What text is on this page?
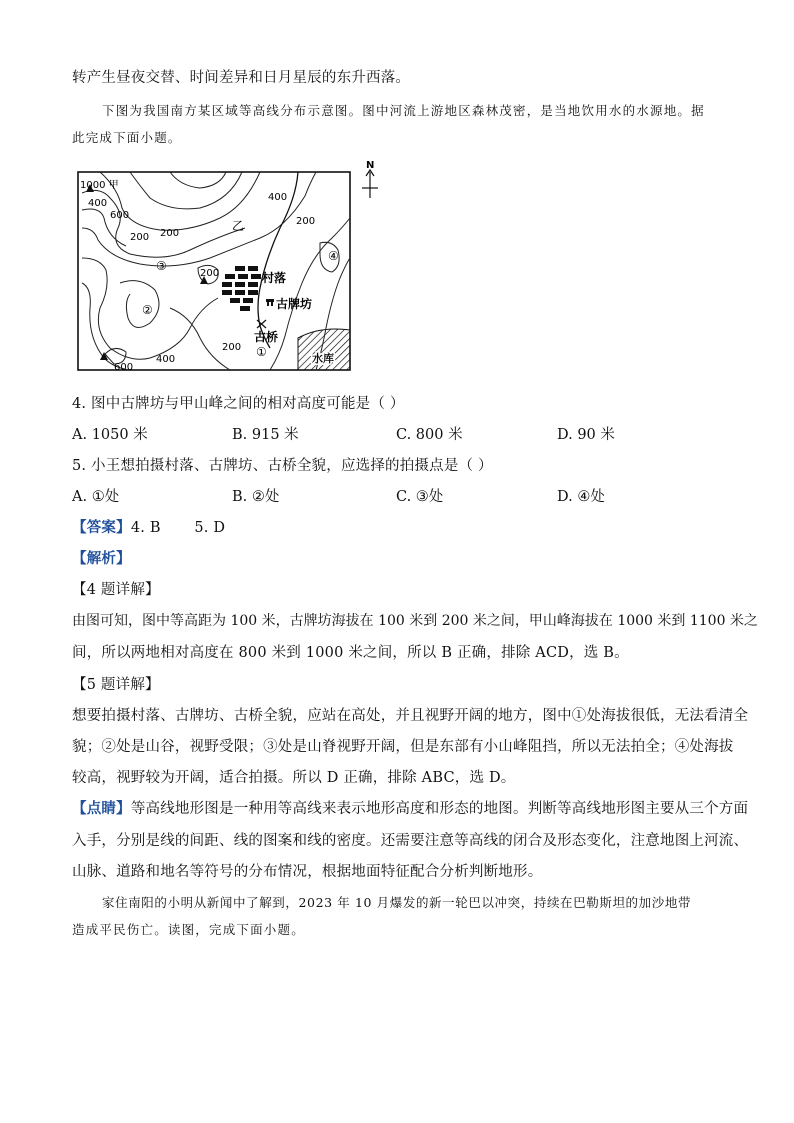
转产生昼夜交替、时间差异和日月星辰的东升西落。
下图为我国南方某区域等高线分布示意图。图中河流上游地区森林茂密，是当地饮用水的水源地。据
此完成下面小题。
N
1000 甲
400
600
200 200
400
200
乙
200	村落
古牌坊
古桥
400
200
600
水库
①
②
③
④
4. 图中古牌坊与甲山峰之间的相对高度可能是（ ）
A. 1050 米	B. 915 米	C. 800 米	D. 90 米
5. 小王想拍摄村落、古牌坊、古桥全貌，应选择的拍摄点是（ ）
A. ①处	B. ②处	C. ③处	D. ④处
【答案】4. B       5. D
【解析】
【4 题详解】
由图可知，图中等高距为 100 米，古牌坊海拔在 100 米到 200 米之间，甲山峰海拔在 1000 米到 1100 米之
间，所以两地相对高度在 800 米到 1000 米之间，所以 B 正确，排除 ACD，选 B。
【5 题详解】
想要拍摄村落、古牌坊、古桥全貌，应站在高处，并且视野开阔的地方，图中①处海拔很低，无法看清全
貌；②处是山谷，视野受限；③处是山脊视野开阔，但是东部有小山峰阻挡，所以无法拍全；④处海拔
较高，视野较为开阔，适合拍摄。所以 D 正确，排除 ABC，选 D。
【点睛】等高线地形图是一种用等高线来表示地形高度和形态的地图。判断等高线地形图主要从三个方面
入手，分别是线的间距、线的图案和线的密度。还需要注意等高线的闭合及形态变化，注意地图上河流、
山脉、道路和地名等符号的分布情况，根据地面特征配合分析判断地形。
家住南阳的小明从新闻中了解到，2023 年 10 月爆发的新一轮巴以冲突，持续在巴勒斯坦的加沙地带
造成平民伤亡。读图，完成下面小题。
